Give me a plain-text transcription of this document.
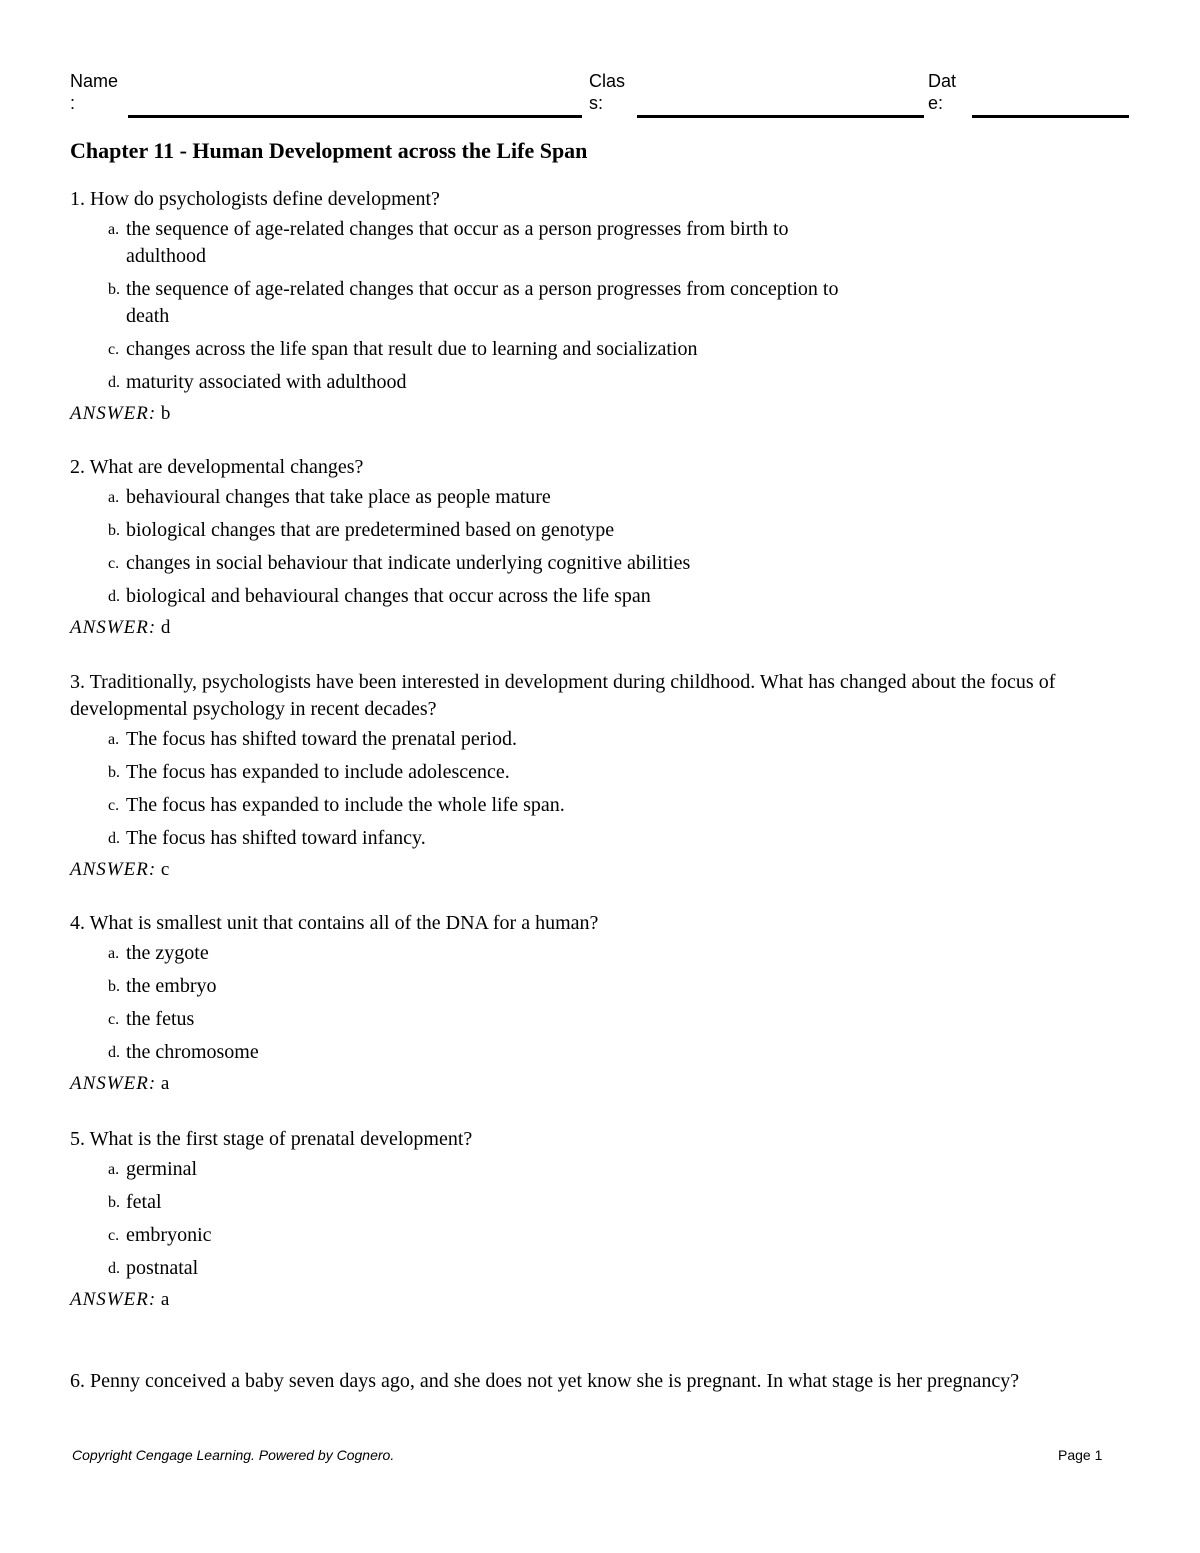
Name
:
Clas
s:
Dat
e:
Chapter 11 - Human Development across the Life Span
1. How do psychologists define development?
a. the sequence of age-related changes that occur as a person progresses from birth to adulthood
b. the sequence of age-related changes that occur as a person progresses from conception to death
c. changes across the life span that result due to learning and socialization
d. maturity associated with adulthood
ANSWER: b
2. What are developmental changes?
a. behavioural changes that take place as people mature
b. biological changes that are predetermined based on genotype
c. changes in social behaviour that indicate underlying cognitive abilities
d. biological and behavioural changes that occur across the life span
ANSWER: d
3. Traditionally, psychologists have been interested in development during childhood. What has changed about the focus of developmental psychology in recent decades?
a. The focus has shifted toward the prenatal period.
b. The focus has expanded to include adolescence.
c. The focus has expanded to include the whole life span.
d. The focus has shifted toward infancy.
ANSWER: c
4. What is smallest unit that contains all of the DNA for a human?
a. the zygote
b. the embryo
c. the fetus
d. the chromosome
ANSWER: a
5. What is the first stage of prenatal development?
a. germinal
b. fetal
c. embryonic
d. postnatal
ANSWER: a
6. Penny conceived a baby seven days ago, and she does not yet know she is pregnant. In what stage is her pregnancy?
Copyright Cengage Learning. Powered by Cognero.	Page 1
